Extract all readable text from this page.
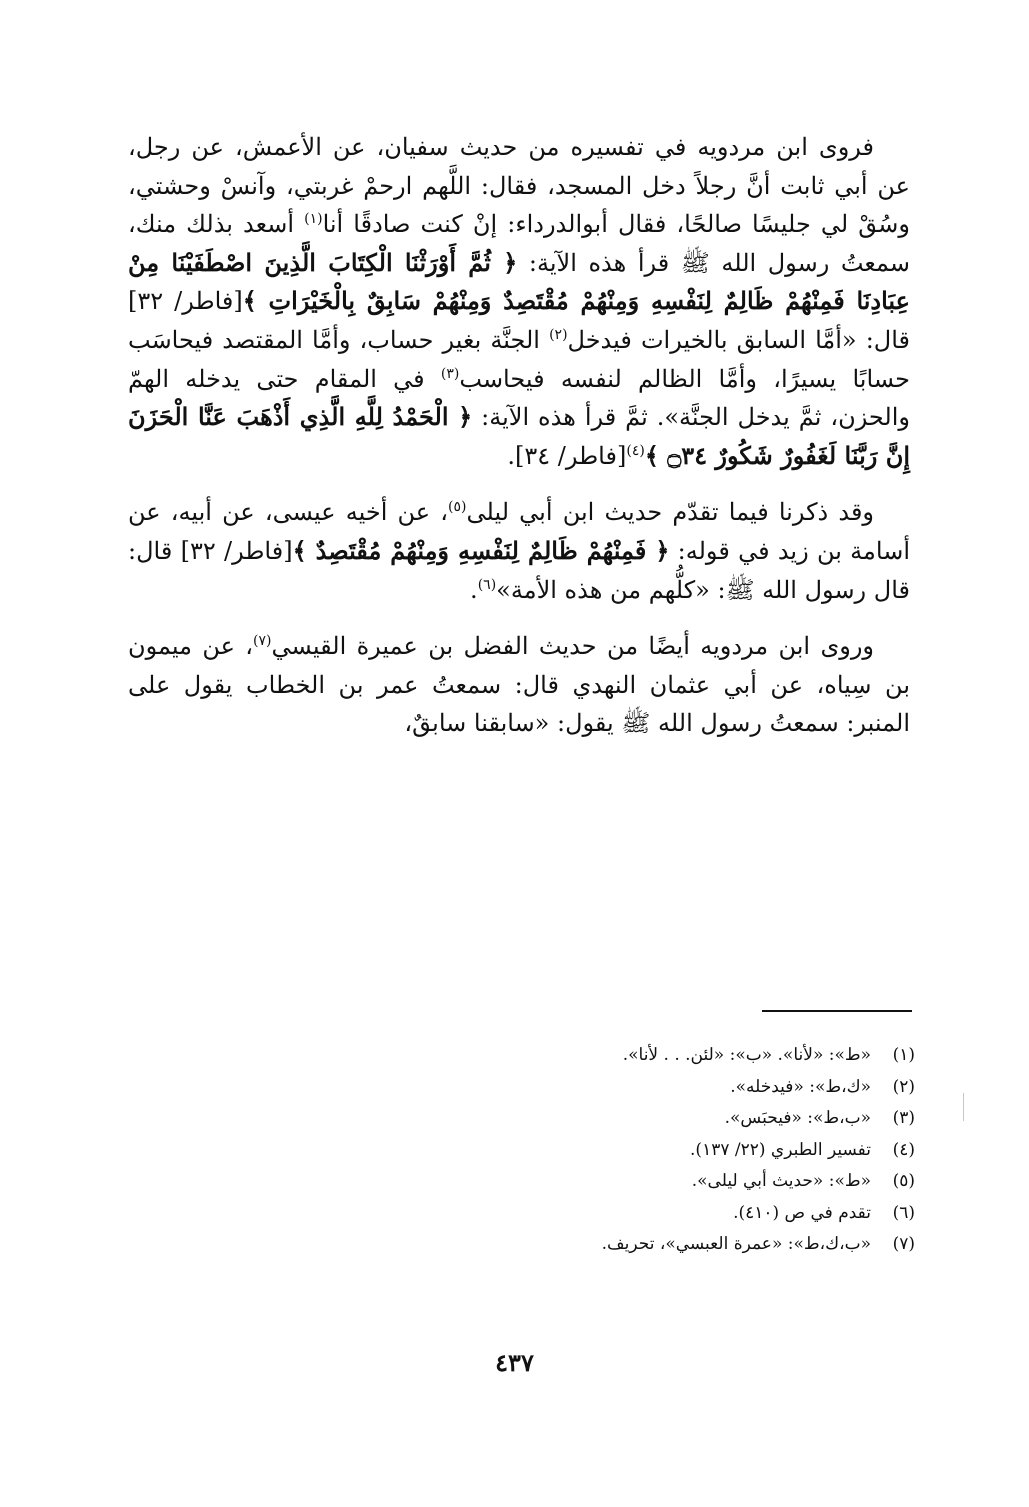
فروى ابن مردويه في تفسيره من حديث سفيان، عن الأعمش، عن رجل، عن أبي ثابت أنَّ رجلاً دخل المسجد، فقال: اللَّهم ارحمْ غربتي، وآنسْ وحشتي، وسُقْ لي جليسًا صالحًا، فقال أبوالدرداء: إنْ كنت صادقًا أنا$^{(١)}$ أسعد بذلك منك، سمعتُ رسول الله ﷺ قرأ هذه الآية: ﴿ ثُمَّ أَوْرَثْنَا الْكِتَابَ الَّذِينَ اصْطَفَيْنَا مِنْ عِبَادِنَا فَمِنْهُمْ ظَالِمٌ لِنَفْسِهِ وَمِنْهُمْ مُقْتَصِدٌ وَمِنْهُمْ سَابِقٌ بِالْخَيْرَاتِ ﴾[فاطر/ ٣٢] قال: «أمَّا السابق بالخيرات فيدخل$^{(٢)}$ الجنَّة بغير حساب، وأمَّا المقتصد فيحاسَب حسابًا يسيرًا، وأمَّا الظالم لنفسه فيحاسب$^{(٣)}$ في المقام حتى يدخله الهمّ والحزن، ثمَّ يدخل الجنَّة». ثمَّ قرأ هذه الآية: ﴿ الْحَمْدُ لِلَّهِ الَّذِي أَذْهَبَ عَنَّا الْحَزَنَ إِنَّ رَبَّنَا لَغَفُورٌ شَكُورٌ ۝٣٤ ﴾$^{(٤)}$[فاطر/ ٣٤].

وقد ذكرنا فيما تقدّم حديث ابن أبي ليلى$^{(٥)}$، عن أخيه عيسى، عن أبيه، عن أسامة بن زيد في قوله: ﴿ فَمِنْهُمْ ظَالِمٌ لِنَفْسِهِ وَمِنْهُمْ مُقْتَصِدٌ ﴾[فاطر/ ٣٢] قال: قال رسول الله ﷺ: «كلُّهم من هذه الأمة»$^{(٦)}$.

وروى ابن مردويه أيضًا من حديث الفضل بن عميرة القيسي$^{(٧)}$، عن ميمون بن سِياه، عن أبي عثمان النهدي قال: سمعتُ عمر بن الخطاب يقول على المنبر: سمعتُ رسول الله ﷺ يقول: «سابقنا سابقٌ،

(١)
«ط»: «لأنا». «ب»: «لئن. . . لأنا».
(٢)
«ك،ط»: «فيدخله».
(٣)
«ب،ط»: «فيحبَس».
(٤)
تفسير الطبري (٢٢/ ١٣٧).
(٥)
«ط»: «حديث أبي ليلى».
(٦)
تقدم في ص (٤١٠).
(٧)
«ب،ك،ط»: «عمرة العبسي»، تحريف.
٤٣٧
